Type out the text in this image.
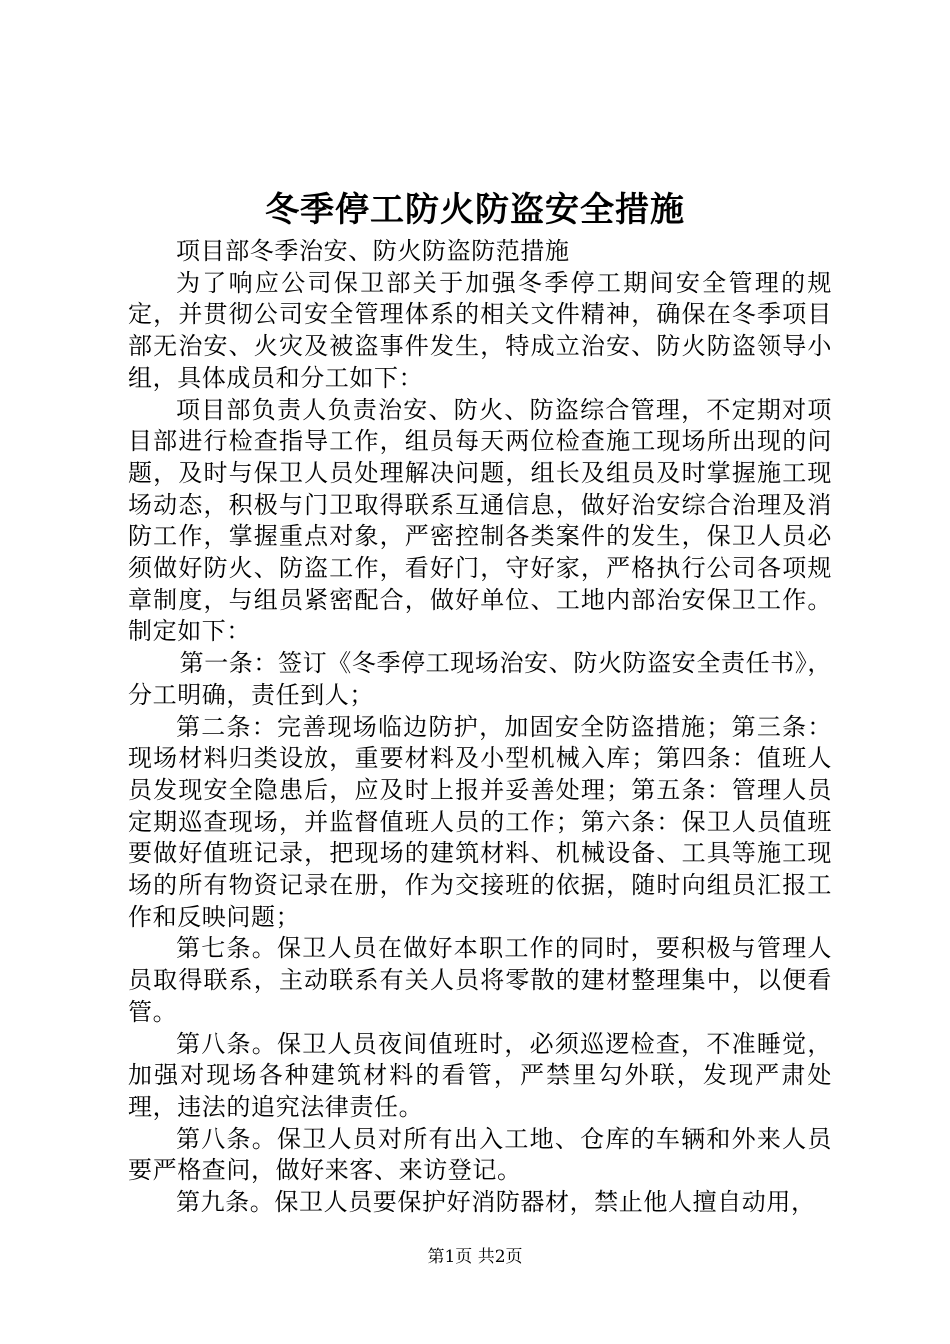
冬季停工防火防盗安全措施

项目部冬季治安、防火防盗防范措施

为了响应公司保卫部关于加强冬季停工期间安全管理的规定，并贯彻公司安全管理体系的相关文件精神，确保在冬季项目部无治安、火灾及被盗事件发生，特成立治安、防火防盗领导小组，具体成员和分工如下：

项目部负责人负责治安、防火、防盗综合管理，不定期对项目部进行检查指导工作，组员每天两位检查施工现场所出现的问题，及时与保卫人员处理解决问题，组长及组员及时掌握施工现场动态，积极与门卫取得联系互通信息，做好治安综合治理及消防工作，掌握重点对象，严密控制各类案件的发生，保卫人员必须做好防火、防盗工作，看好门，守好家，严格执行公司各项规章制度，与组员紧密配合，做好单位、工地内部治安保卫工作。制定如下：

第一条：签订《冬季停工现场治安、防火防盗安全责任书》，分工明确，责任到人；

第二条：完善现场临边防护，加固安全防盗措施；第三条：现场材料归类设放，重要材料及小型机械入库；第四条：值班人员发现安全隐患后，应及时上报并妥善处理；第五条：管理人员定期巡查现场，并监督值班人员的工作；第六条：保卫人员值班要做好值班记录，把现场的建筑材料、机械设备、工具等施工现场的所有物资记录在册，作为交接班的依据，随时向组员汇报工作和反映问题；

第七条。保卫人员在做好本职工作的同时，要积极与管理人员取得联系，主动联系有关人员将零散的建材整理集中，以便看管。

第八条。保卫人员夜间值班时，必须巡逻检查，不准睡觉，加强对现场各种建筑材料的看管，严禁里勾外联，发现严肃处理，违法的追究法律责任。

第八条。保卫人员对所有出入工地、仓库的车辆和外来人员要严格查问，做好来客、来访登记。

第九条。保卫人员要保护好消防器材，禁止他人擅自动用，

第1页 共2页
